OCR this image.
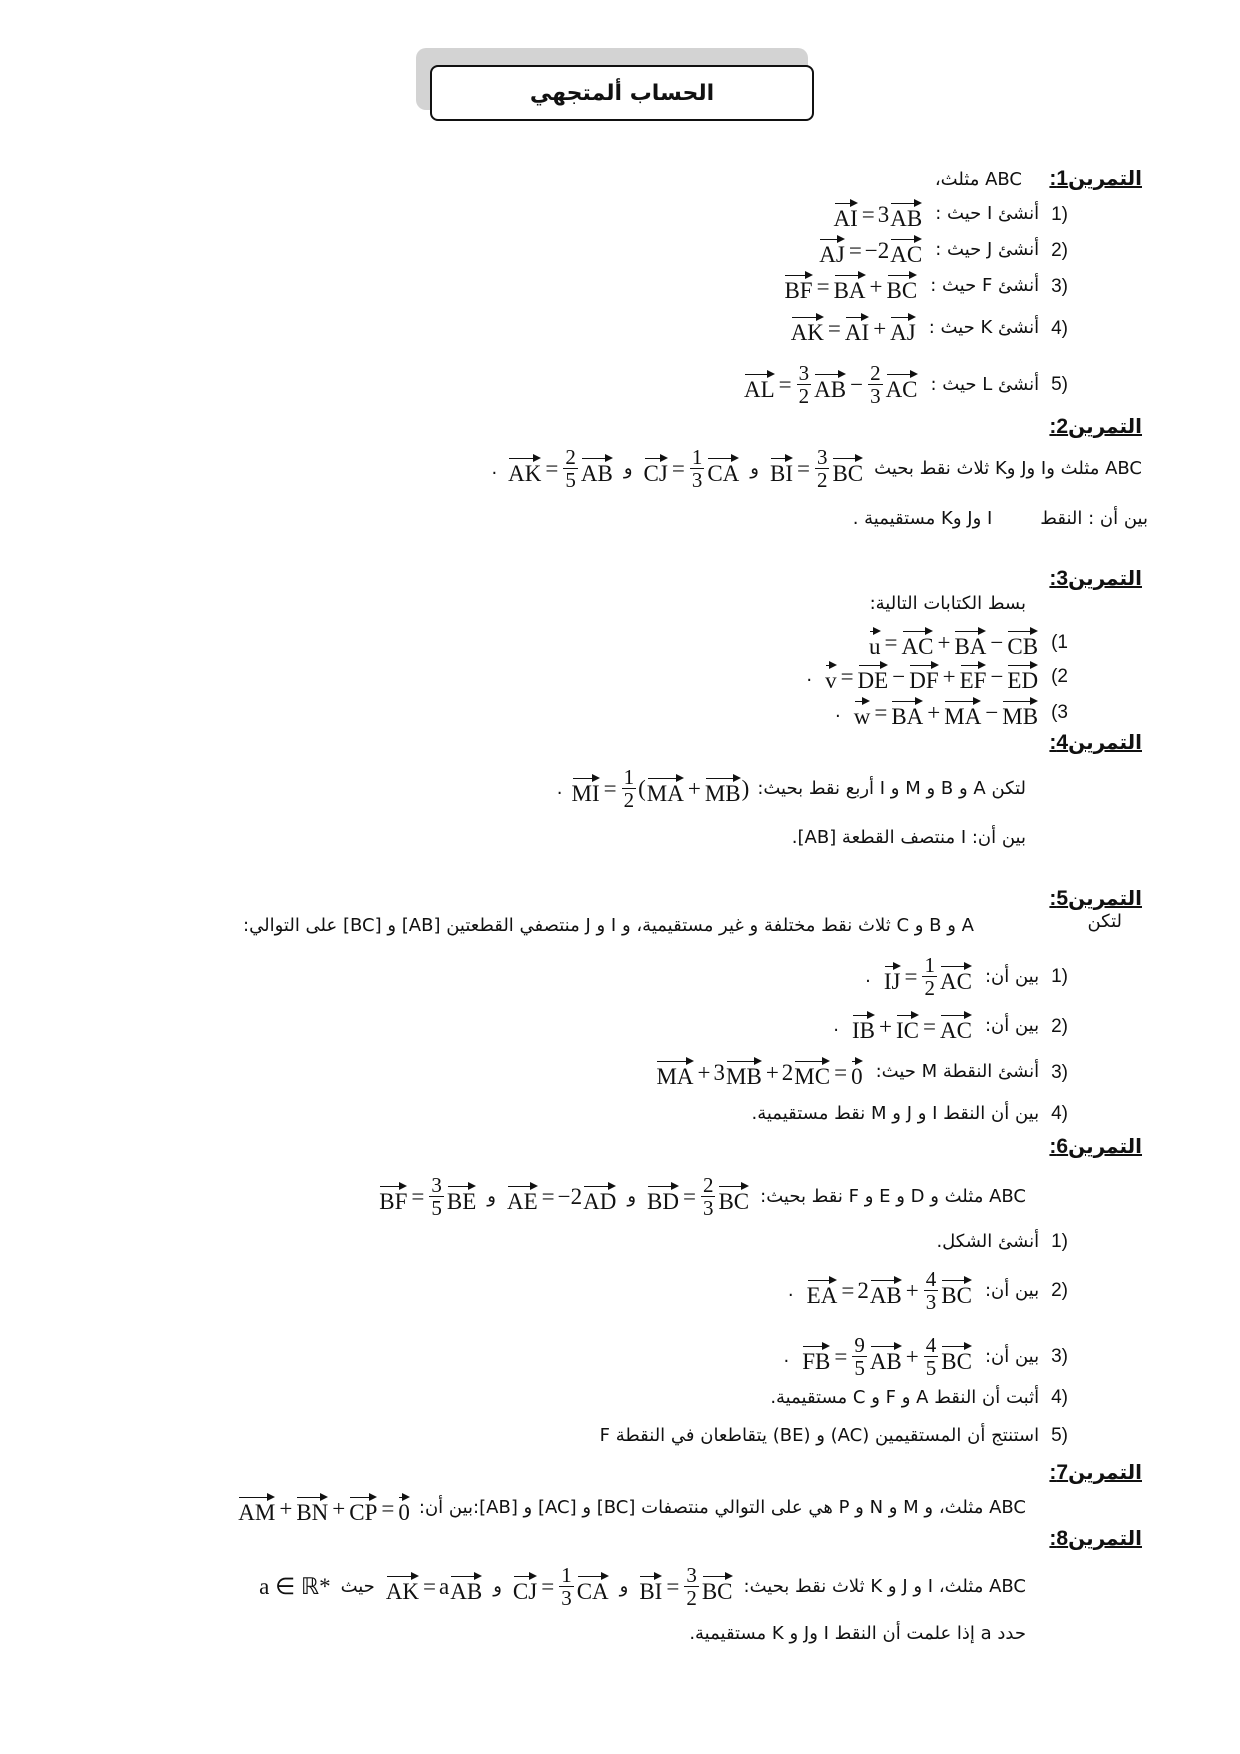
الحساب ألمتجهي
التمرين1:
ABC مثلث،
1)
أنشئ I حيث :
AI = 3 AB
2)
أنشئ J حيث :
AJ = −2 AC
3)
أنشئ F حيث :
BF = BA + BC
4)
أنشئ K حيث :
AK = AI + AJ
5)
أنشئ L حيث :
AL = $\frac{3}{2}$ AB − $\frac{2}{3}$ AC
التمرين2:
ABC مثلث وI وJ وK ثلاث نقط بحيث
BI = $\frac{3}{2}$ BC
و
CJ = $\frac{1}{3}$ CA
و
AK = $\frac{2}{5}$ AB
.
بين أن : النقط
I وJ وK مستقيمية .
التمرين3:
بسط الكتابات التالية:
(1
u = AC + BA − CB
(2
v = DE − DF + EF − ED
.
(3
w = BA + MA − MB
.
التمرين4:
لتكن A و B و M و I أربع نقط بحيث:
MI = $\frac{1}{2}$ ( MA + MB )
.
بين أن: I منتصف القطعة [AB].
التمرين5:
لتكن
A و B و C ثلاث نقط مختلفة و غير مستقيمية، و I و J منتصفي القطعتين [AB] و [BC] على التوالي:
1)
بين أن:
IJ = $\frac{1}{2}$ AC
.
2)
بين أن:
IB + IC = AC
.
3)
أنشئ النقطة M حيث:
MA + 3 MB + 2 MC = 0
4)
بين أن النقط I و J و M نقط مستقيمية.
التمرين6:
ABC مثلث و D و E و F نقط بحيث:
BD = $\frac{2}{3}$ BC
و
AE = −2 AD
و
BF = $\frac{3}{5}$ BE
1)
أنشئ الشكل.
2)
بين أن:
EA = 2 AB + $\frac{4}{3}$ BC
.
3)
بين أن:
FB = $\frac{9}{5}$ AB + $\frac{4}{5}$ BC
.
4)
أثبت أن النقط A و F و C مستقيمية.
5)
استنتج أن المستقيمين (AC) و (BE) يتقاطعان في النقطة F
التمرين7:
ABC مثلث، و M و N و P هي على التوالي منتصفات [BC] و [AC] و [AB]:بين أن:
AM + BN + CP = 0
التمرين8:
ABC مثلث، I و J و K ثلاث نقط بحيث:
BI = $\frac{3}{2}$ BC
و
CJ = $\frac{1}{3}$ CA
و
AK = a AB
حيث
a ∈ ℝ*
حدد a إذا علمت أن النقط I وJ و K مستقيمية.
